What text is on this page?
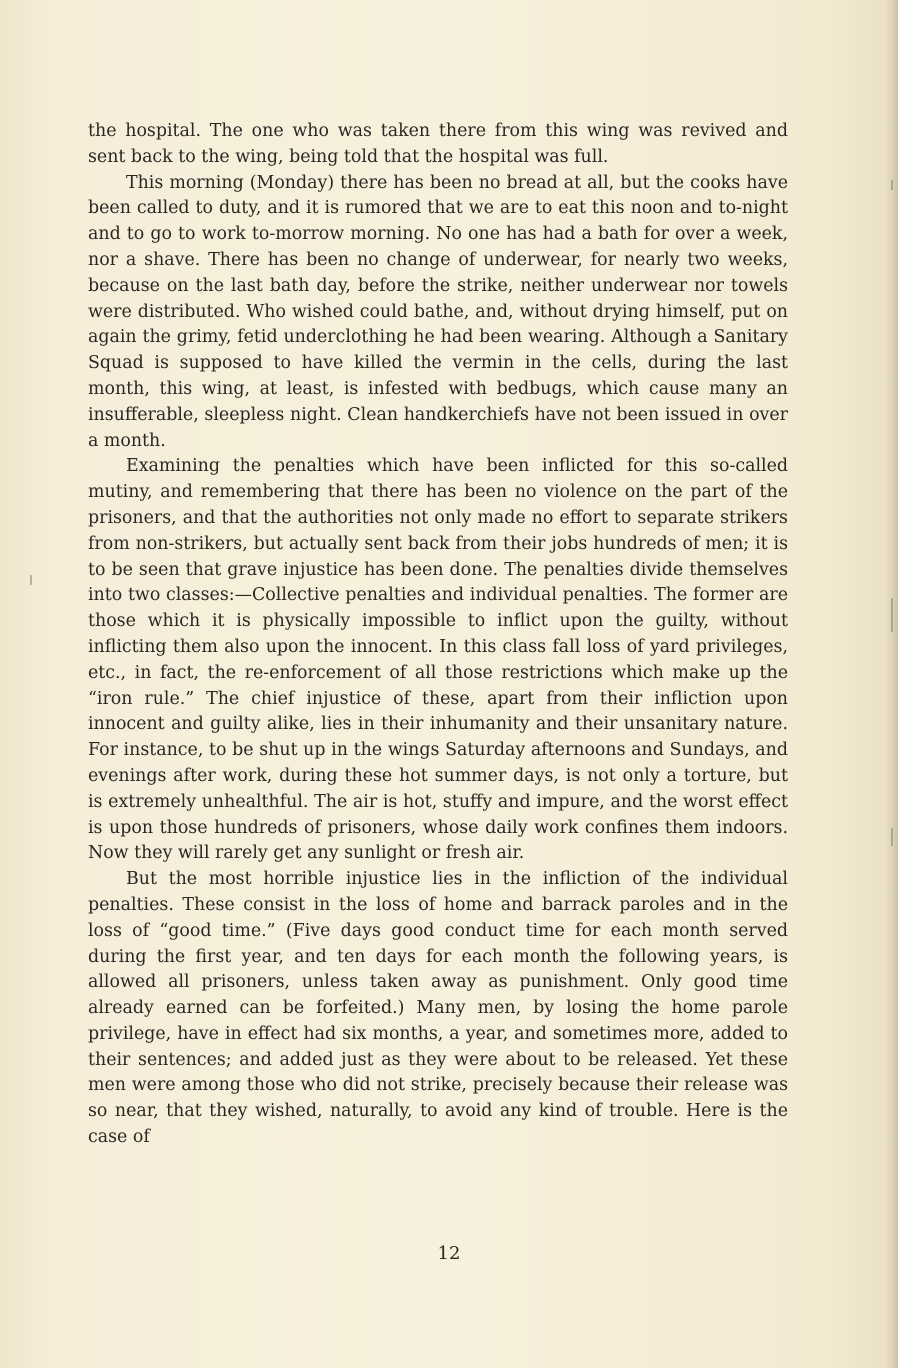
the hospital. The one who was taken there from this wing was revived and sent back to the wing, being told that the hospital was full.

This morning (Monday) there has been no bread at all, but the cooks have been called to duty, and it is rumored that we are to eat this noon and to-night and to go to work to-morrow morning. No one has had a bath for over a week, nor a shave. There has been no change of underwear, for nearly two weeks, because on the last bath day, before the strike, neither underwear nor towels were distributed. Who wished could bathe, and, without drying himself, put on again the grimy, fetid underclothing he had been wearing. Although a Sanitary Squad is supposed to have killed the vermin in the cells, during the last month, this wing, at least, is infested with bedbugs, which cause many an insufferable, sleepless night. Clean handkerchiefs have not been issued in over a month.

Examining the penalties which have been inflicted for this so-called mutiny, and remembering that there has been no violence on the part of the prisoners, and that the authorities not only made no effort to separate strikers from non-strikers, but actually sent back from their jobs hundreds of men; it is to be seen that grave injustice has been done. The penalties divide themselves into two classes:—Collective penalties and individual penalties. The former are those which it is physically impossible to inflict upon the guilty, without inflicting them also upon the innocent. In this class fall loss of yard privileges, etc., in fact, the re-enforcement of all those restrictions which make up the “iron rule.” The chief injustice of these, apart from their infliction upon innocent and guilty alike, lies in their inhumanity and their unsanitary nature. For instance, to be shut up in the wings Saturday afternoons and Sundays, and evenings after work, during these hot summer days, is not only a torture, but is extremely unhealthful. The air is hot, stuffy and impure, and the worst effect is upon those hundreds of prisoners, whose daily work confines them indoors. Now they will rarely get any sunlight or fresh air.

But the most horrible injustice lies in the infliction of the individual penalties. These consist in the loss of home and barrack paroles and in the loss of “good time.” (Five days good conduct time for each month served during the first year, and ten days for each month the following years, is allowed all prisoners, unless taken away as punishment. Only good time already earned can be forfeited.) Many men, by losing the home parole privilege, have in effect had six months, a year, and sometimes more, added to their sentences; and added just as they were about to be released. Yet these men were among those who did not strike, precisely because their release was so near, that they wished, naturally, to avoid any kind of trouble. Here is the case of

12
